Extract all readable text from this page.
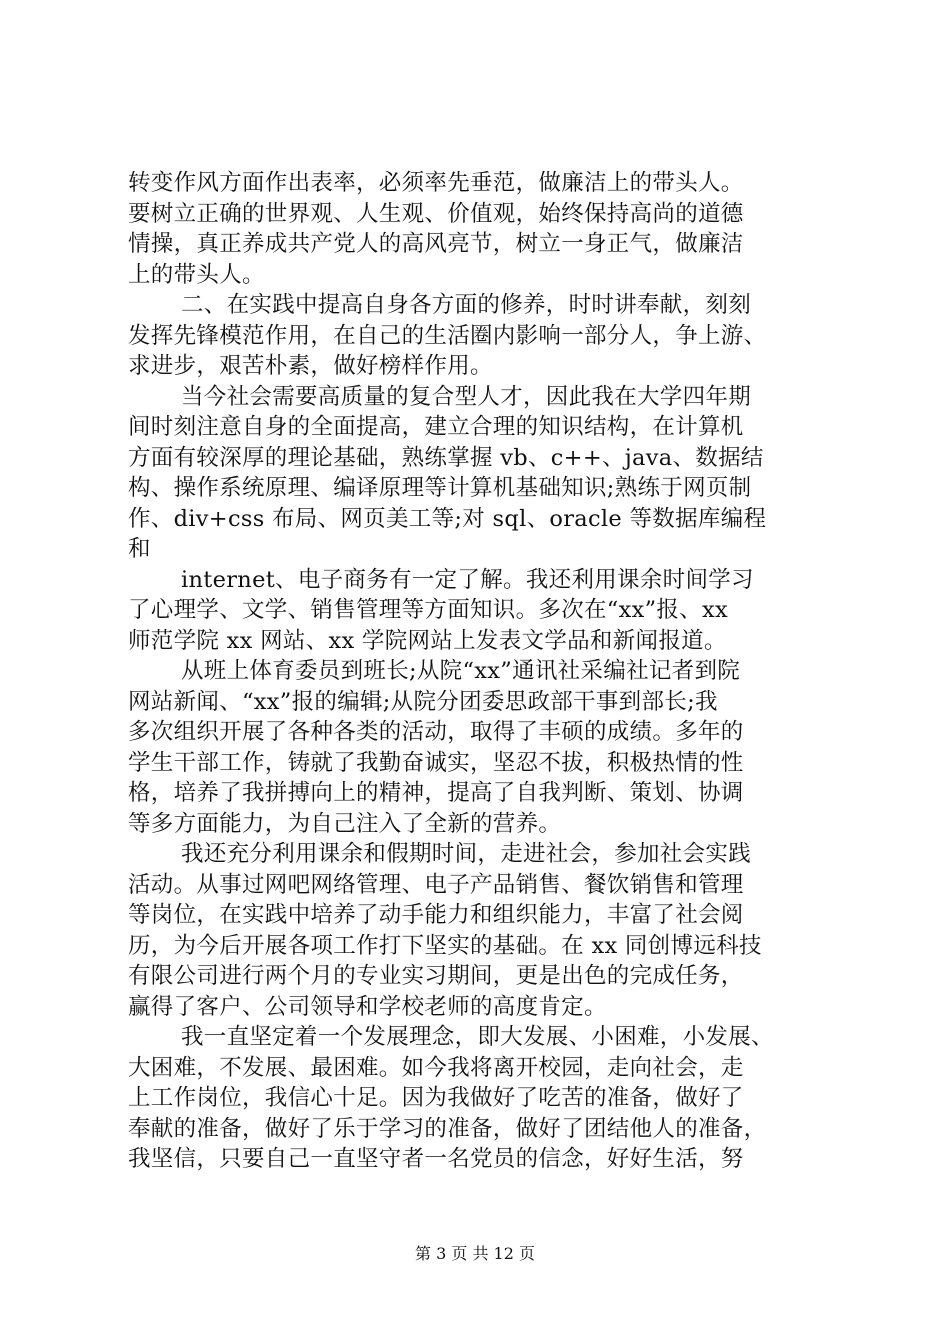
转变作风方面作出表率，必须率先垂范，做廉洁上的带头人。
要树立正确的世界观、人生观、价值观，始终保持高尚的道德
情操，真正养成共产党人的高风亮节，树立一身正气，做廉洁
上的带头人。
二、在实践中提高自身各方面的修养，时时讲奉献，刻刻
发挥先锋模范作用，在自己的生活圈内影响一部分人，争上游、
求进步，艰苦朴素，做好榜样作用。
当今社会需要高质量的复合型人才，因此我在大学四年期
间时刻注意自身的全面提高，建立合理的知识结构，在计算机
方面有较深厚的理论基础，熟练掌握 vb、c++、java、数据结
构、操作系统原理、编译原理等计算机基础知识;熟练于网页制
作、div+css 布局、网页美工等;对 sql、oracle 等数据库编程
和
internet、电子商务有一定了解。我还利用课余时间学习
了心理学、文学、销售管理等方面知识。多次在“xx”报、xx
师范学院 xx 网站、xx 学院网站上发表文学品和新闻报道。
从班上体育委员到班长;从院“xx”通讯社采编社记者到院
网站新闻、“xx”报的编辑;从院分团委思政部干事到部长;我
多次组织开展了各种各类的活动，取得了丰硕的成绩。多年的
学生干部工作，铸就了我勤奋诚实，坚忍不拔，积极热情的性
格，培养了我拼搏向上的精神，提高了自我判断、策划、协调
等多方面能力，为自己注入了全新的营养。
我还充分利用课余和假期时间，走进社会，参加社会实践
活动。从事过网吧网络管理、电子产品销售、餐饮销售和管理
等岗位，在实践中培养了动手能力和组织能力，丰富了社会阅
历，为今后开展各项工作打下坚实的基础。在 xx 同创博远科技
有限公司进行两个月的专业实习期间，更是出色的完成任务，
赢得了客户、公司领导和学校老师的高度肯定。
我一直坚定着一个发展理念，即大发展、小困难，小发展、
大困难，不发展、最困难。如今我将离开校园，走向社会，走
上工作岗位，我信心十足。因为我做好了吃苦的准备，做好了
奉献的准备，做好了乐于学习的准备，做好了团结他人的准备，
我坚信，只要自己一直坚守者一名党员的信念，好好生活，努
第 3 页 共 12 页
